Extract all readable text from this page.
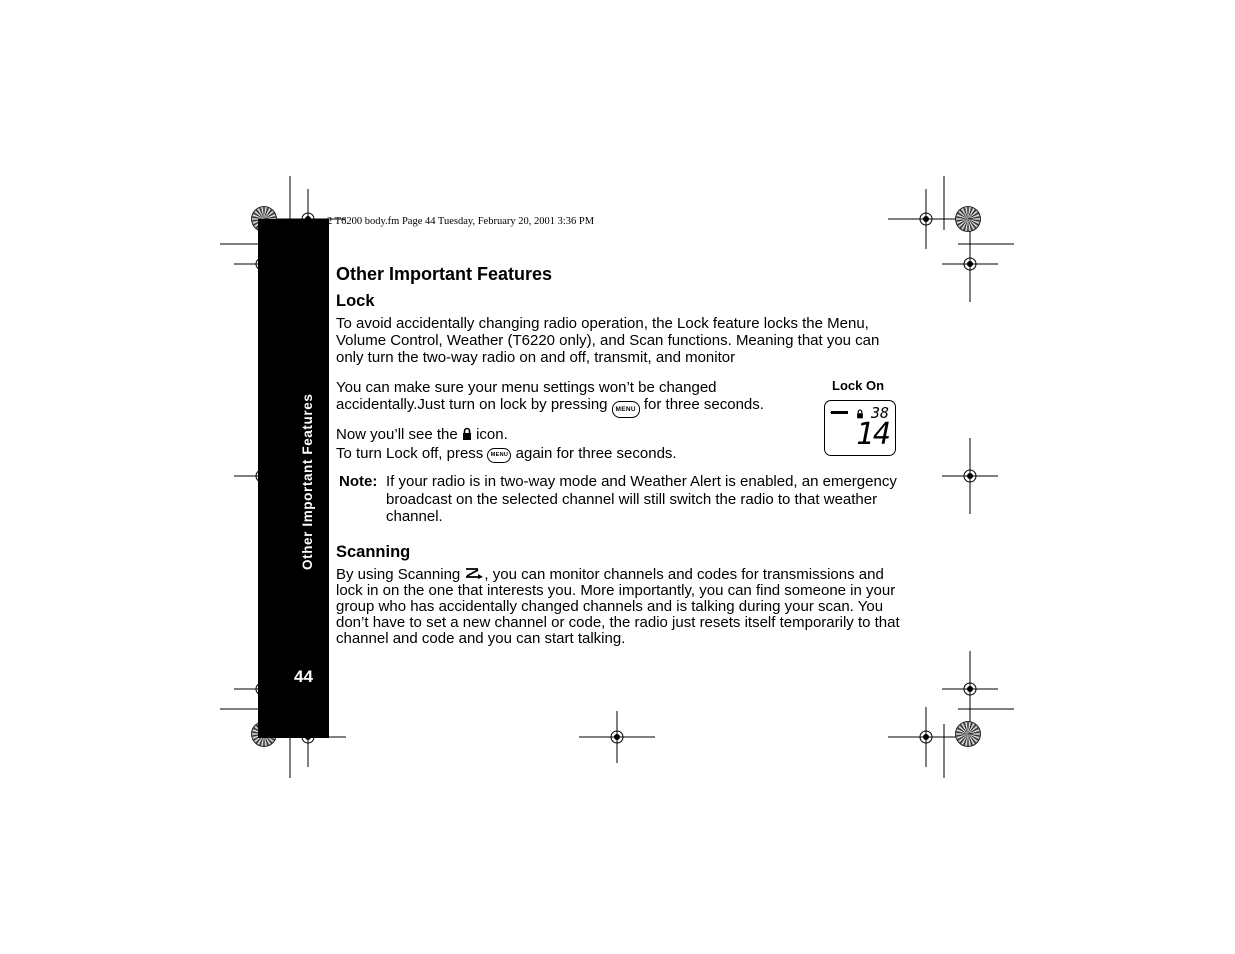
Other Important Features
44
2 T6200 body.fm Page 44 Tuesday, February 20, 2001 3:36 PM
Other Important Features
Lock

To avoid accidentally changing radio operation, the Lock feature locks the Menu, Volume Control, Weather (T6220 only), and Scan functions. Meaning that you can only turn the two-way radio on and off, transmit, and monitor

You can make sure your menu settings won’t be changed
accidentally.Just turn on lock by pressing MENU for three seconds.
Now you’ll see the icon.
To turn Lock off, press MENU again for three seconds.
Lock On
38
14
Note: If your radio is in two-way mode and Weather Alert is enabled, an emergency broadcast on the selected channel will still switch the radio to that weather channel.

Scanning
By using Scanning , you can monitor channels and codes for transmissions and lock in on the one that interests you. More importantly, you can find someone in your group who has accidentally changed channels and is talking during your scan. You don’t have to set a new channel or code, the radio just resets itself temporarily to that channel and code and you can start talking.
